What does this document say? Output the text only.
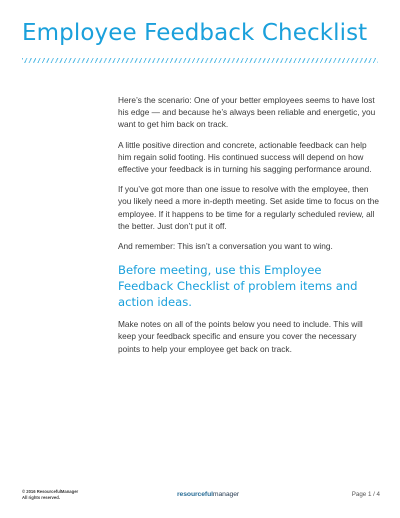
Employee Feedback Checklist

Here’s the scenario: One of your better employees seems to have lost his edge — and because he’s always been reliable and energetic, you want to get him back on track.

A little positive direction and concrete, actionable feedback can help him regain solid footing. His continued success will depend on how effective your feedback is in turning his sagging performance around.

If you’ve got more than one issue to resolve with the employee, then you likely need a more in-depth meeting. Set aside time to focus on the employee. If it happens to be time for a regularly scheduled review, all the better. Just don’t put it off.

And remember: This isn’t a conversation you want to wing.

Before meeting, use this Employee Feedback Checklist of problem items and action ideas.

Make notes on all of the points below you need to include. This will keep your feedback specific and ensure you cover the necessary points to help your employee get back on track.

© 2016 ResourcefulManager
All rights reserved.	resourcefulmanager	Page 1 / 4
